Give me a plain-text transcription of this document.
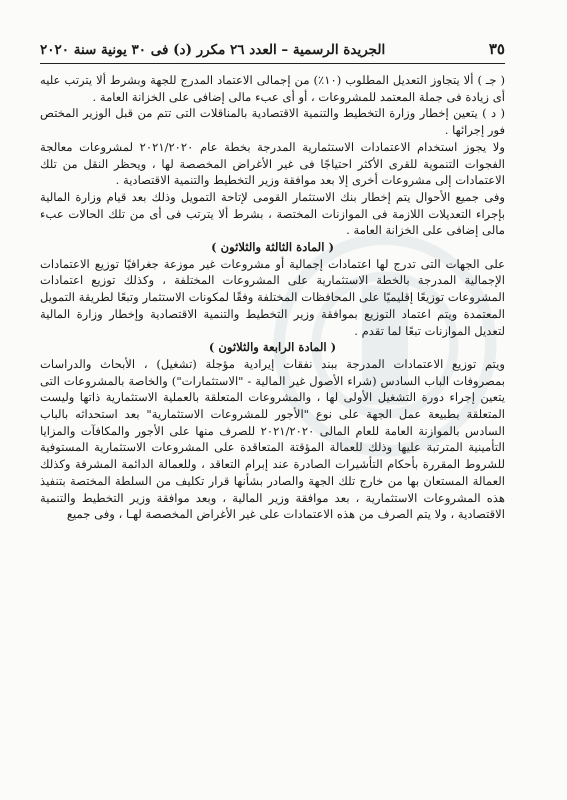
٣٥
الجريدة الرسمية – العدد ٢٦ مكرر (د) فى ٣٠ يونية سنة ٢٠٢٠

( جـ ) ألا يتجاوز التعديل المطلوب (١٠٪) من إجمالى الاعتماد المدرج للجهة وبشرط ألا يترتب عليه أى زيادة فى جملة المعتمد للمشروعات ، أو أى عبء مالى إضافى على الخزانة العامة .

( د ) يتعين إخطار وزارة التخطيط والتنمية الاقتصادية بالمناقلات التى تتم من قبل الوزير المختص فور إجرائها .

ولا يجوز استخدام الاعتمادات الاستثمارية المدرجة بخطة عام ٢٠٢١/٢٠٢٠ لمشروعات معالجة الفجوات التنموية للقرى الأكثر احتياجًا فى غير الأغراض المخصصة لها ، ويحظر النقل من تلك الاعتمادات إلى مشروعات أخرى إلا بعد موافقة وزير التخطيط والتنمية الاقتصادية .

وفى جميع الأحوال يتم إخطار بنك الاستثمار القومى لإتاحة التمويل وذلك بعد قيام وزارة المالية بإجراء التعديلات اللازمة فى الموازنات المختصة ، بشرط ألا يترتب فى أى من تلك الحالات عبء مالى إضافى على الخزانة العامة .

( المادة الثالثة والثلاثون )

على الجهات التى تدرج لها اعتمادات إجمالية أو مشروعات غير موزعة جغرافيًا توزيع الاعتمادات الإجمالية المدرجة بالخطة الاستثمارية على المشروعات المختلفة ، وكذلك توزيع اعتمادات المشروعات توزيعًا إقليميًا على المحافظات المختلفة وفقًا لمكونات الاستثمار وتبعًا لطريقة التمويل المعتمدة ويتم اعتماد التوزيع بموافقة وزير التخطيط والتنمية الاقتصادية وإخطار وزارة المالية لتعديل الموازنات تبعًا لما تقدم .

( المادة الرابعة والثلاثون )

ويتم توزيع الاعتمادات المدرجة ببند نفقات إيرادية مؤجلة (تشغيل) ، الأبحاث والدراسات بمصروفات الباب السادس (شراء الأصول غير المالية - "الاستثمارات") والخاصة بالمشروعات التى يتعين إجراء دورة التشغيل الأولى لها ، والمشروعات المتعلقة بالعملية الاستثمارية ذاتها وليست المتعلقة بطبيعة عمل الجهة على نوع "الأجور للمشروعات الاستثمارية" بعد استحداثه بالباب السادس بالموازنة العامة للعام المالى ٢٠٢١/٢٠٢٠ للصرف منها على الأجور والمكافآت والمزايا التأمينية المترتبة عليها وذلك للعمالة المؤقتة المتعاقدة على المشروعات الاستثمارية المستوفية للشروط المقررة بأحكام التأشيرات الصادرة عند إبرام التعاقد ، وللعمالة الدائمة المشرفة وكذلك العمالة المستعان بها من خارج تلك الجهة والصادر بشأنها قرار تكليف من السلطة المختصة بتنفيذ هذه المشروعات الاستثمارية ، بعد موافقة وزير المالية ، وبعد موافقة وزير التخطيط والتنمية الاقتصادية ، ولا يتم الصرف من هذه الاعتمادات على غير الأغراض المخصصة لهـا ، وفى جميع
